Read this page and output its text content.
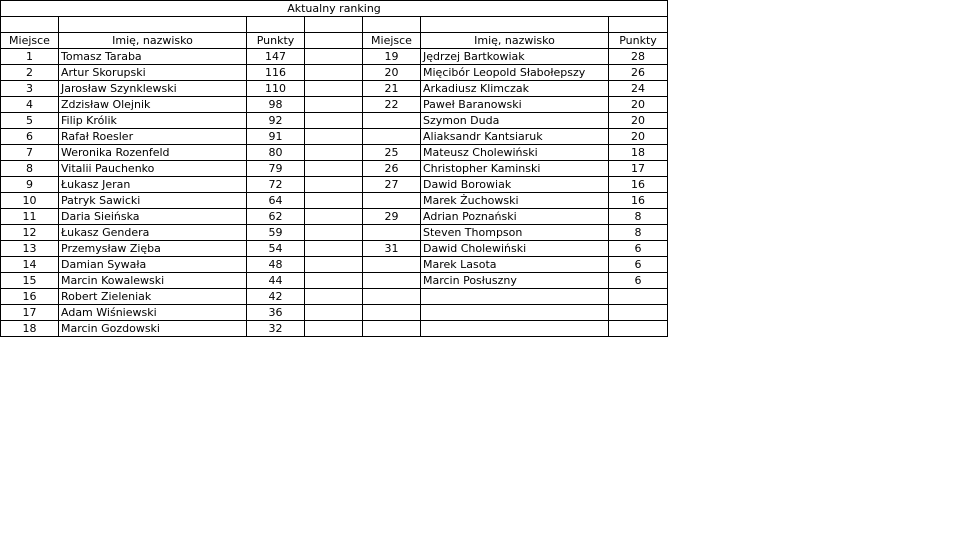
Aktualny ranking						

Miejsce	Imię, nazwisko	Punkty		Miejsce	Imię, nazwisko	Punkty
1	Tomasz Taraba	147		19	Jędrzej Bartkowiak	28
2	Artur Skorupski	116		20	Mięcibór Leopold Słabołepszy	26
3	Jarosław Szynklewski	110		21	Arkadiusz Klimczak	24
4	Zdzisław Olejnik	98		22	Paweł Baranowski	20
5	Filip Królik	92			Szymon Duda	20
6	Rafał Roesler	91			Aliaksandr Kantsiaruk	20
7	Weronika Rozenfeld	80		25	Mateusz Cholewiński	18
8	Vitalii Pauchenko	79		26	Christopher Kaminski	17
9	Łukasz Jeran	72		27	Dawid Borowiak	16
10	Patryk Sawicki	64			Marek Żuchowski	16
11	Daria Sieińska	62		29	Adrian Poznański	8
12	Łukasz Gendera	59			Steven Thompson	8
13	Przemysław Zięba	54		31	Dawid Cholewiński	6
14	Damian Sywała	48			Marek Lasota	6
15	Marcin Kowalewski	44			Marcin Posłuszny	6
16	Robert Zieleniak	42				
17	Adam Wiśniewski	36				
18	Marcin Gozdowski	32				
